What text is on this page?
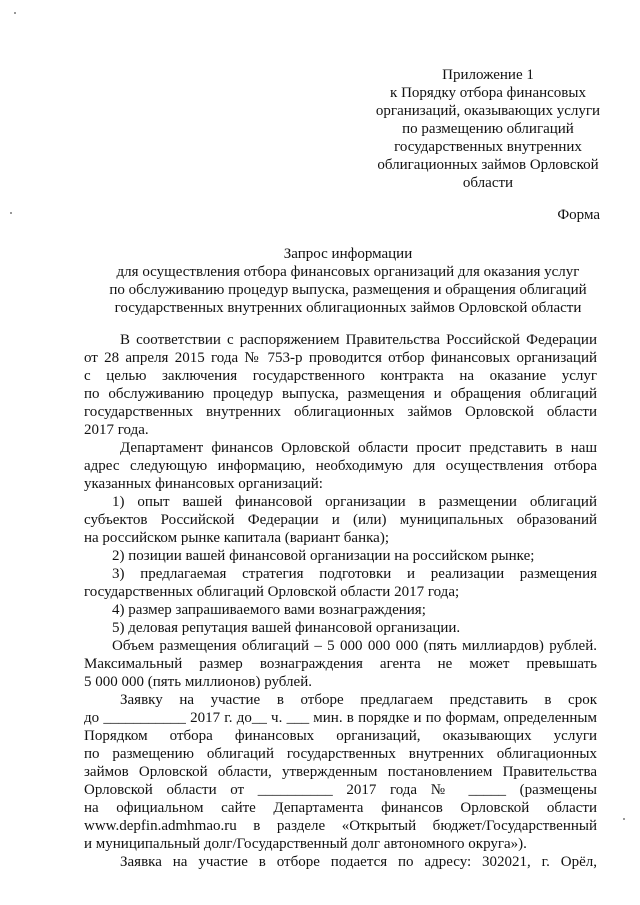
Приложение 1
к Порядку отбора финансовых
организаций, оказывающих услуги
по размещению облигаций
государственных внутренних
облигационных займов Орловской
области
Форма
Запрос информации
для осуществления отбора финансовых организаций для оказания услуг
по обслуживанию процедур выпуска, размещения и обращения облигаций
государственных внутренних облигационных займов Орловской области
В соответствии с распоряжением Правительства Российской Федерации
от 28 апреля 2015 года № 753-р проводится отбор финансовых организаций
с целью заключения государственного контракта на оказание услуг
по обслуживанию процедур выпуска, размещения и обращения облигаций
государственных внутренних облигационных займов Орловской области
2017 года.
Департамент финансов Орловской области просит представить в наш
адрес следующую информацию, необходимую для осуществления отбора
указанных финансовых организаций:
1) опыт вашей финансовой организации в размещении облигаций
субъектов Российской Федерации и (или) муниципальных образований
на российском рынке капитала (вариант банка);
2) позиции вашей финансовой организации на российском рынке;
3) предлагаемая стратегия подготовки и реализации размещения
государственных облигаций Орловской области 2017 года;
4) размер запрашиваемого вами вознаграждения;
5) деловая репутация вашей финансовой организации.
Объем размещения облигаций – 5 000 000 000 (пять миллиардов) рублей.
Максимальный размер вознаграждения агента не может превышать
5 000 000 (пять миллионов) рублей.
Заявку на участие в отборе предлагаем представить в срок
до ___________ 2017 г. до__ ч. ___ мин. в порядке и по формам, определенным
Порядком отбора финансовых организаций, оказывающих услуги
по размещению облигаций государственных внутренних облигационных
займов Орловской области, утвержденным постановлением Правительства
Орловской области от __________ 2017 года № _____ (размещены
на официальном сайте Департамента финансов Орловской области
www.depfin.admhmao.ru в разделе «Открытый бюджет/Государственный
и муниципальный долг/Государственный долг автономного округа»).
Заявка на участие в отборе подается по адресу: 302021, г. Орёл,
